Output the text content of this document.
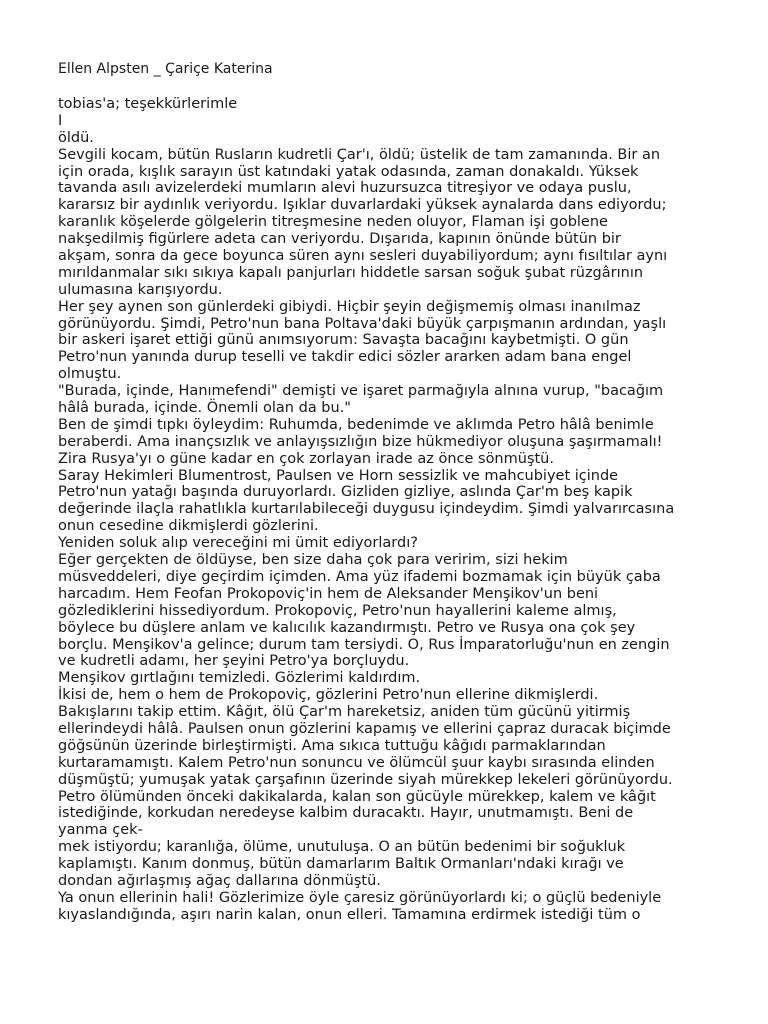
Ellen Alpsten _ Çariçe Katerina
tobias'a; teşekkürlerimle
I
öldü.
Sevgili kocam, bütün Rusların kudretli Çar'ı, öldü; üstelik de tam zamanında. Bir an
için orada, kışlık sarayın üst katındaki yatak odasında, zaman donakaldı. Yüksek
tavanda asılı avizelerdeki mumların alevi huzursuzca titreşiyor ve odaya puslu,
kararsız bir aydınlık veriyordu. Işıklar duvarlardaki yüksek aynalarda dans ediyordu;
karanlık köşelerde gölgelerin titreşmesine neden oluyor, Flaman işi goblene
nakşedilmiş figürlere adeta can veriyordu. Dışarıda, kapının önünde bütün bir
akşam, sonra da gece boyunca süren aynı sesleri duyabiliyordum; aynı fısıltılar aynı
mırıldanmalar sıkı sıkıya kapalı panjurları hiddetle sarsan soğuk şubat rüzgârının
ulumasına karışıyordu.
Her şey aynen son günlerdeki gibiydi. Hiçbir şeyin değişmemiş olması inanılmaz
görünüyordu. Şimdi, Petro'nun bana Poltava'daki büyük çarpışmanın ardından, yaşlı
bir askeri işaret ettiği günü anımsıyorum: Savaşta bacağını kaybetmişti. O gün
Petro'nun yanında durup teselli ve takdir edici sözler ararken adam bana engel
olmuştu.
"Burada, içinde, Hanımefendi" demişti ve işaret parmağıyla alnına vurup, "bacağım
hâlâ burada, içinde. Önemli olan da bu."
Ben de şimdi tıpkı öyleydim: Ruhumda, bedenimde ve aklımda Petro hâlâ benimle
beraberdi. Ama inançsızlık ve anlayışsızlığın bize hükmediyor oluşuna şaşırmamalı!
Zira Rusya'yı o güne kadar en çok zorlayan irade az önce sönmüştü.
Saray Hekimleri Blumentrost, Paulsen ve Horn sessizlik ve mahcubiyet içinde
Petro'nun yatağı başında duruyorlardı. Gizliden gizliye, aslında Çar'm beş kapik
değerinde ilaçla rahatlıkla kurtarılabileceği duygusu içindeydim. Şimdi yalvarırcasına
onun cesedine dikmişlerdi gözlerini.
Yeniden soluk alıp vereceğini mi ümit ediyorlardı?
Eğer gerçekten de öldüyse, ben size daha çok para veririm, sizi hekim
müsveddeleri, diye geçirdim içimden. Ama yüz ifademi bozmamak için büyük çaba
harcadım. Hem Feofan Prokopoviç'in hem de Aleksander Menşikov'un beni
gözlediklerini hissediyordum. Prokopoviç, Petro'nun hayallerini kaleme almış,
böylece bu düşlere anlam ve kalıcılık kazandırmıştı. Petro ve Rusya ona çok şey
borçlu. Menşikov'a gelince; durum tam tersiydi. O, Rus İmparatorluğu'nun en zengin
ve kudretli adamı, her şeyini Petro'ya borçluydu.
Menşikov gırtlağını temizledi. Gözlerimi kaldırdım.
İkisi de, hem o hem de Prokopoviç, gözlerini Petro'nun ellerine dikmişlerdi.
Bakışlarını takip ettim. Kâğıt, ölü Çar'm hareketsiz, aniden tüm gücünü yitirmiş
ellerindeydi hâlâ. Paulsen onun gözlerini kapamış ve ellerini çapraz duracak biçimde
göğsünün üzerinde birleştirmişti. Ama sıkıca tuttuğu kâğıdı parmaklarından
kurtaramamıştı. Kalem Petro'nun sonuncu ve ölümcül şuur kaybı sırasında elinden
düşmüştü; yumuşak yatak çarşafının üzerinde siyah mürekkep lekeleri görünüyordu.
Petro ölümünden önceki dakikalarda, kalan son gücüyle mürekkep, kalem ve kâğıt
istediğinde, korkudan neredeyse kalbim duracaktı. Hayır, unutmamıştı. Beni de
yanma çek-
mek istiyordu; karanlığa, ölüme, unutuluşa. O an bütün bedenimi bir soğukluk
kaplamıştı. Kanım donmuş, bütün damarlarım Baltık Ormanları'ndaki kırağı ve
dondan ağırlaşmış ağaç dallarına dönmüştü.
Ya onun ellerinin hali! Gözlerimize öyle çaresiz görünüyorlardı ki; o güçlü bedeniyle
kıyaslandığında, aşırı narin kalan, onun elleri. Tamamına erdirmek istediği tüm o
